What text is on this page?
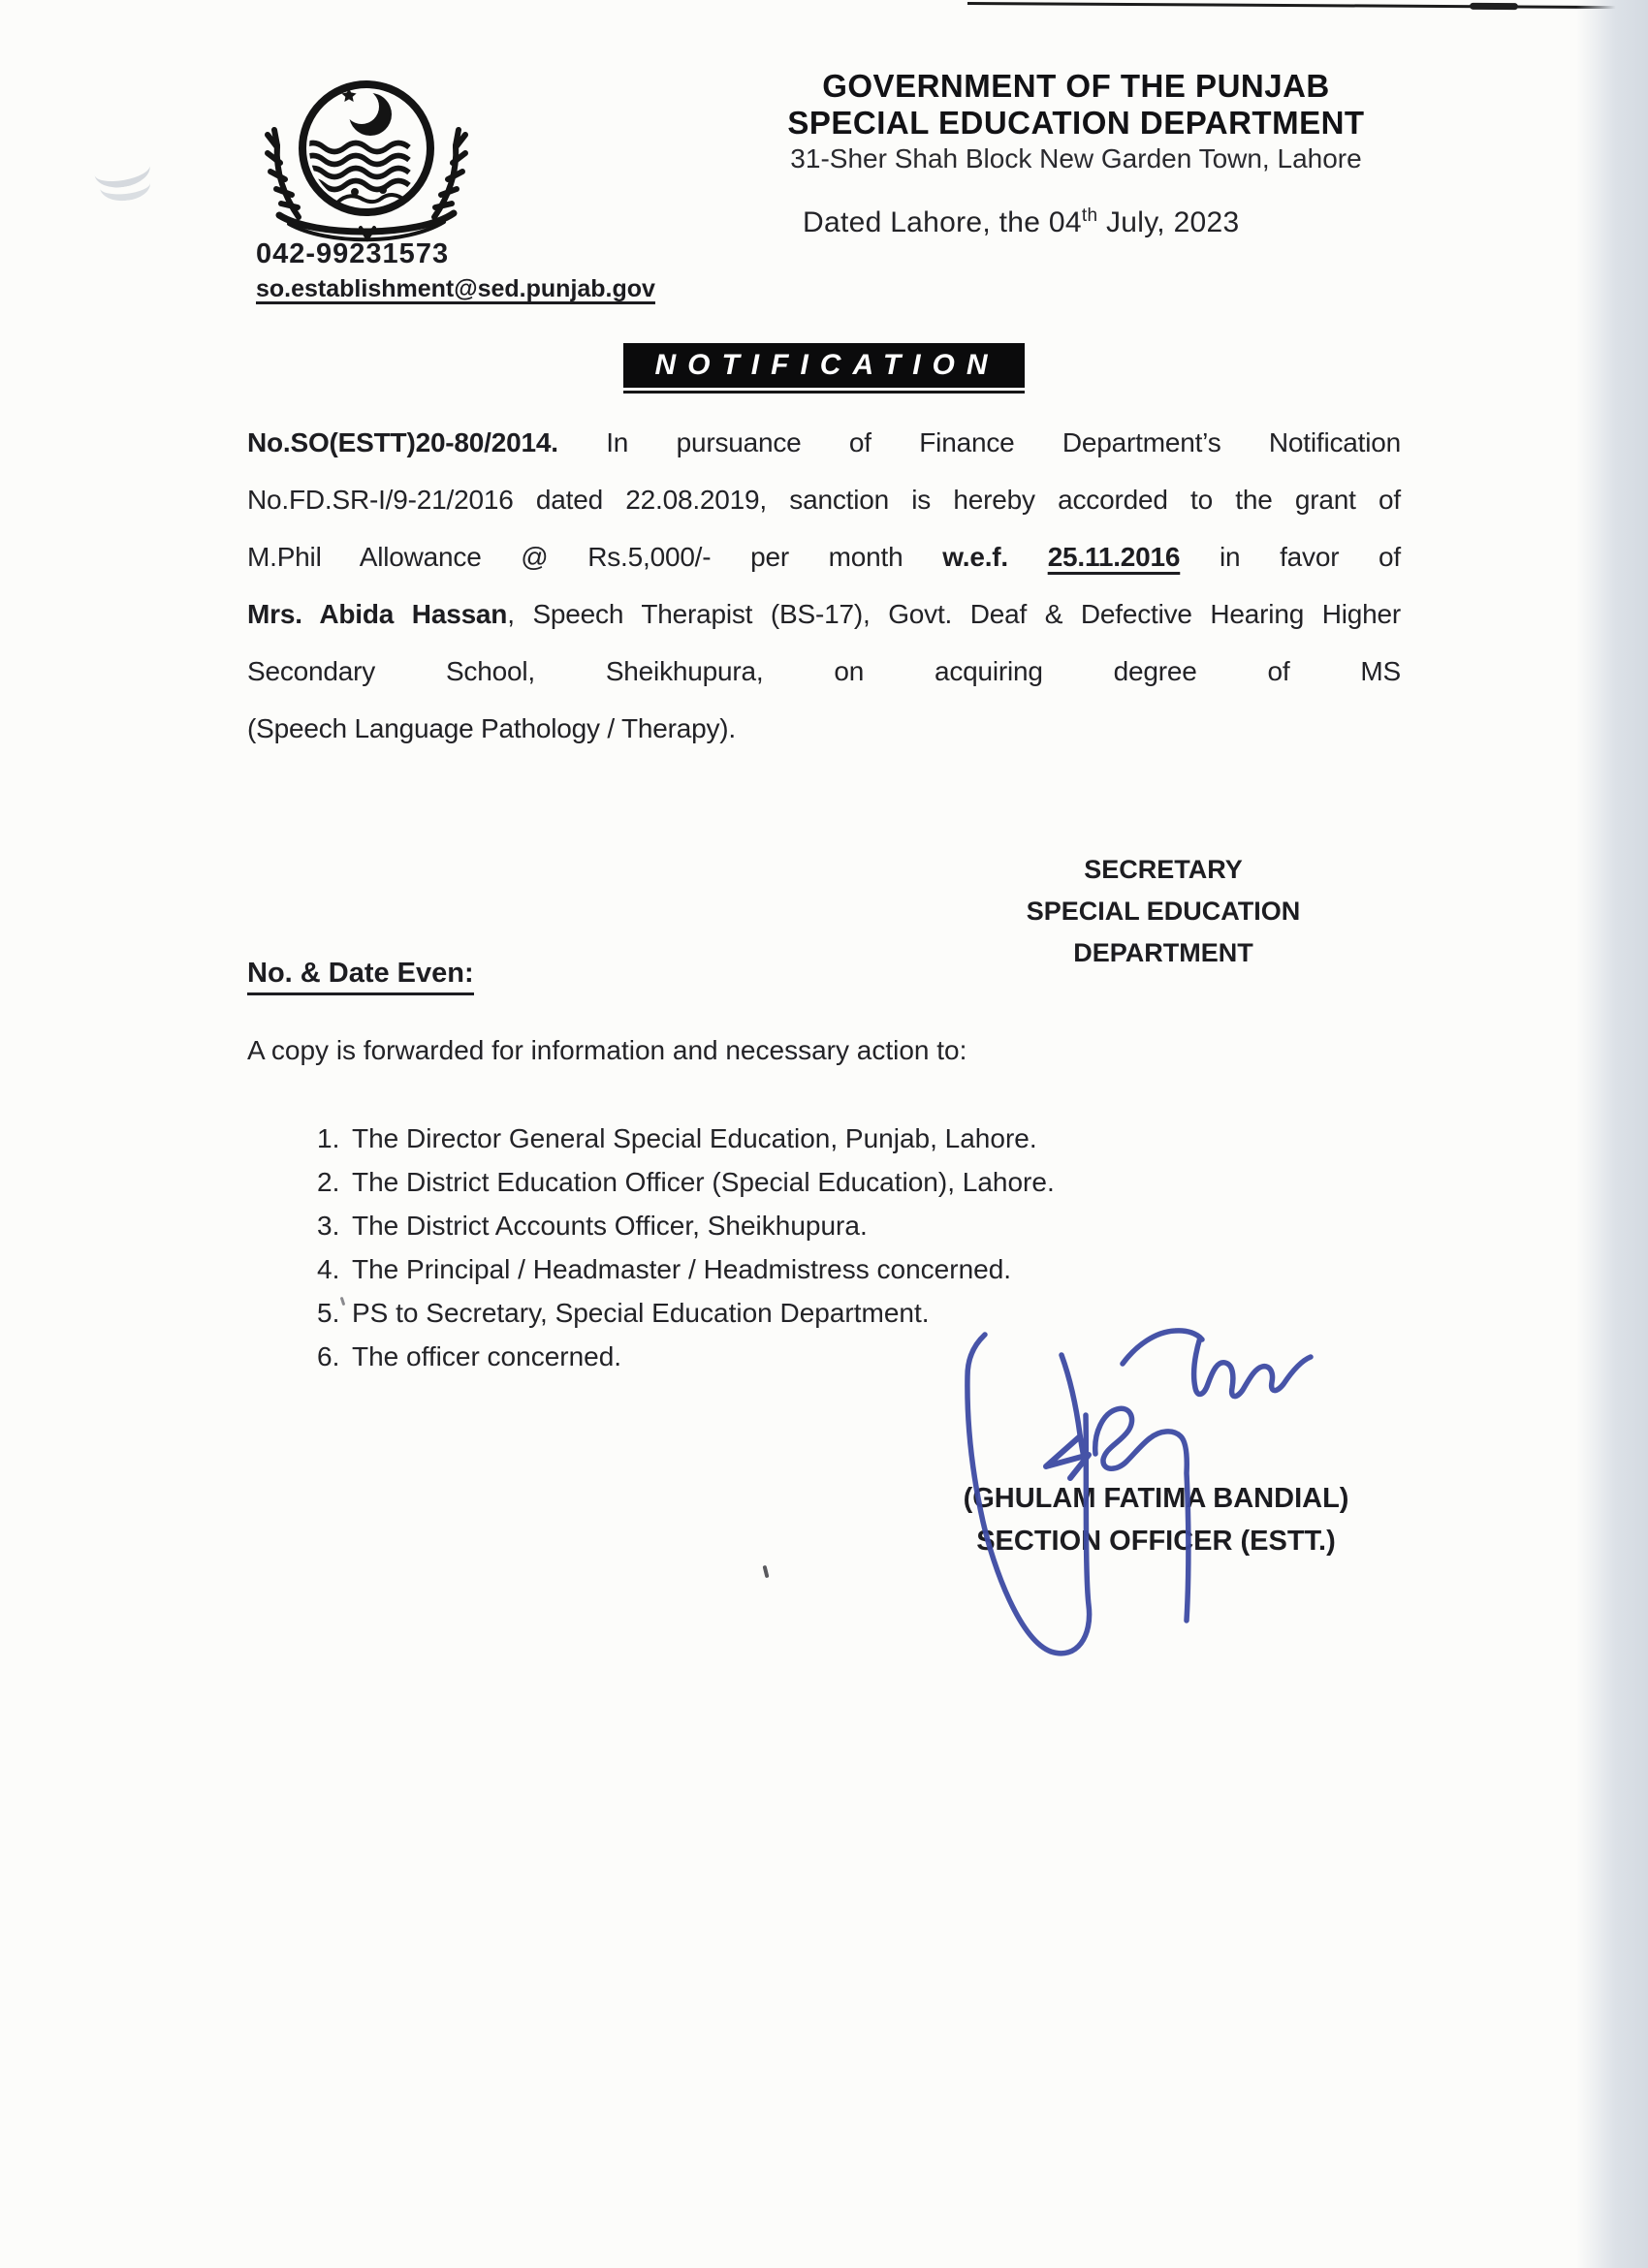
GOVERNMENT OF THE PUNJAB
SPECIAL EDUCATION DEPARTMENT
31-Sher Shah Block New Garden Town, Lahore
Dated Lahore, the 04th July, 2023
042-99231573
so.establishment@sed.punjab.gov
NOTIFICATION
No.SO(ESTT)20-80/2014. In pursuance of Finance Department’s Notification
No.FD.SR-I/9-21/2016 dated 22.08.2019, sanction is hereby accorded to the grant of
M.Phil Allowance @ Rs.5,000/- per month w.e.f. 25.11.2016 in favor of
Mrs. Abida Hassan, Speech Therapist (BS-17), Govt. Deaf & Defective Hearing Higher
Secondary School, Sheikhupura, on acquiring degree of MS
(Speech Language Pathology / Therapy).
SECRETARY
SPECIAL EDUCATION
DEPARTMENT
No. & Date Even:
A copy is forwarded for information and necessary action to:
1. The Director General Special Education, Punjab, Lahore.
2. The District Education Officer (Special Education), Lahore.
3. The District Accounts Officer, Sheikhupura.
4. The Principal / Headmaster / Headmistress concerned.
5. PS to Secretary, Special Education Department.
6. The officer concerned.
(GHULAM FATIMA BANDIAL)
SECTION OFFICER (ESTT.)
